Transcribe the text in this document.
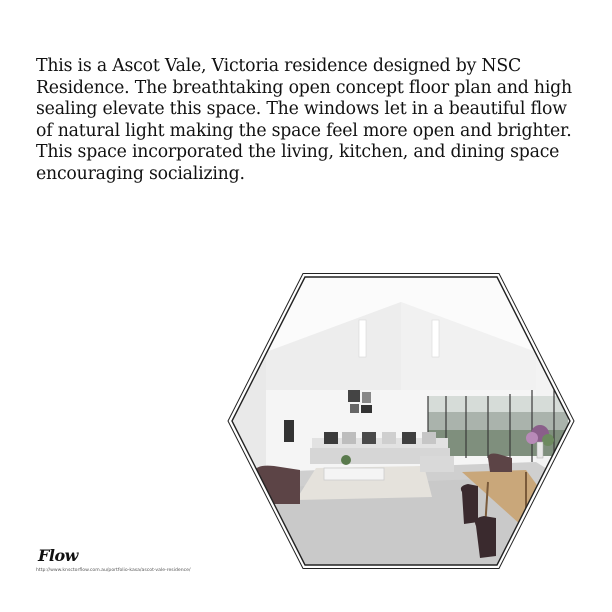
This is a Ascot Vale, Victoria residence designed by NSC Residence. The breathtaking open concept floor plan and high sealing elevate this space. The windows let in a beautiful flow of natural light making the space feel more open and brighter. This space incorporated the living, kitchen, and dining space encouraging socializing.
Flow
http://www.knsctorflow.com.au/portfolio-kasa/ascot-vale-residence/
